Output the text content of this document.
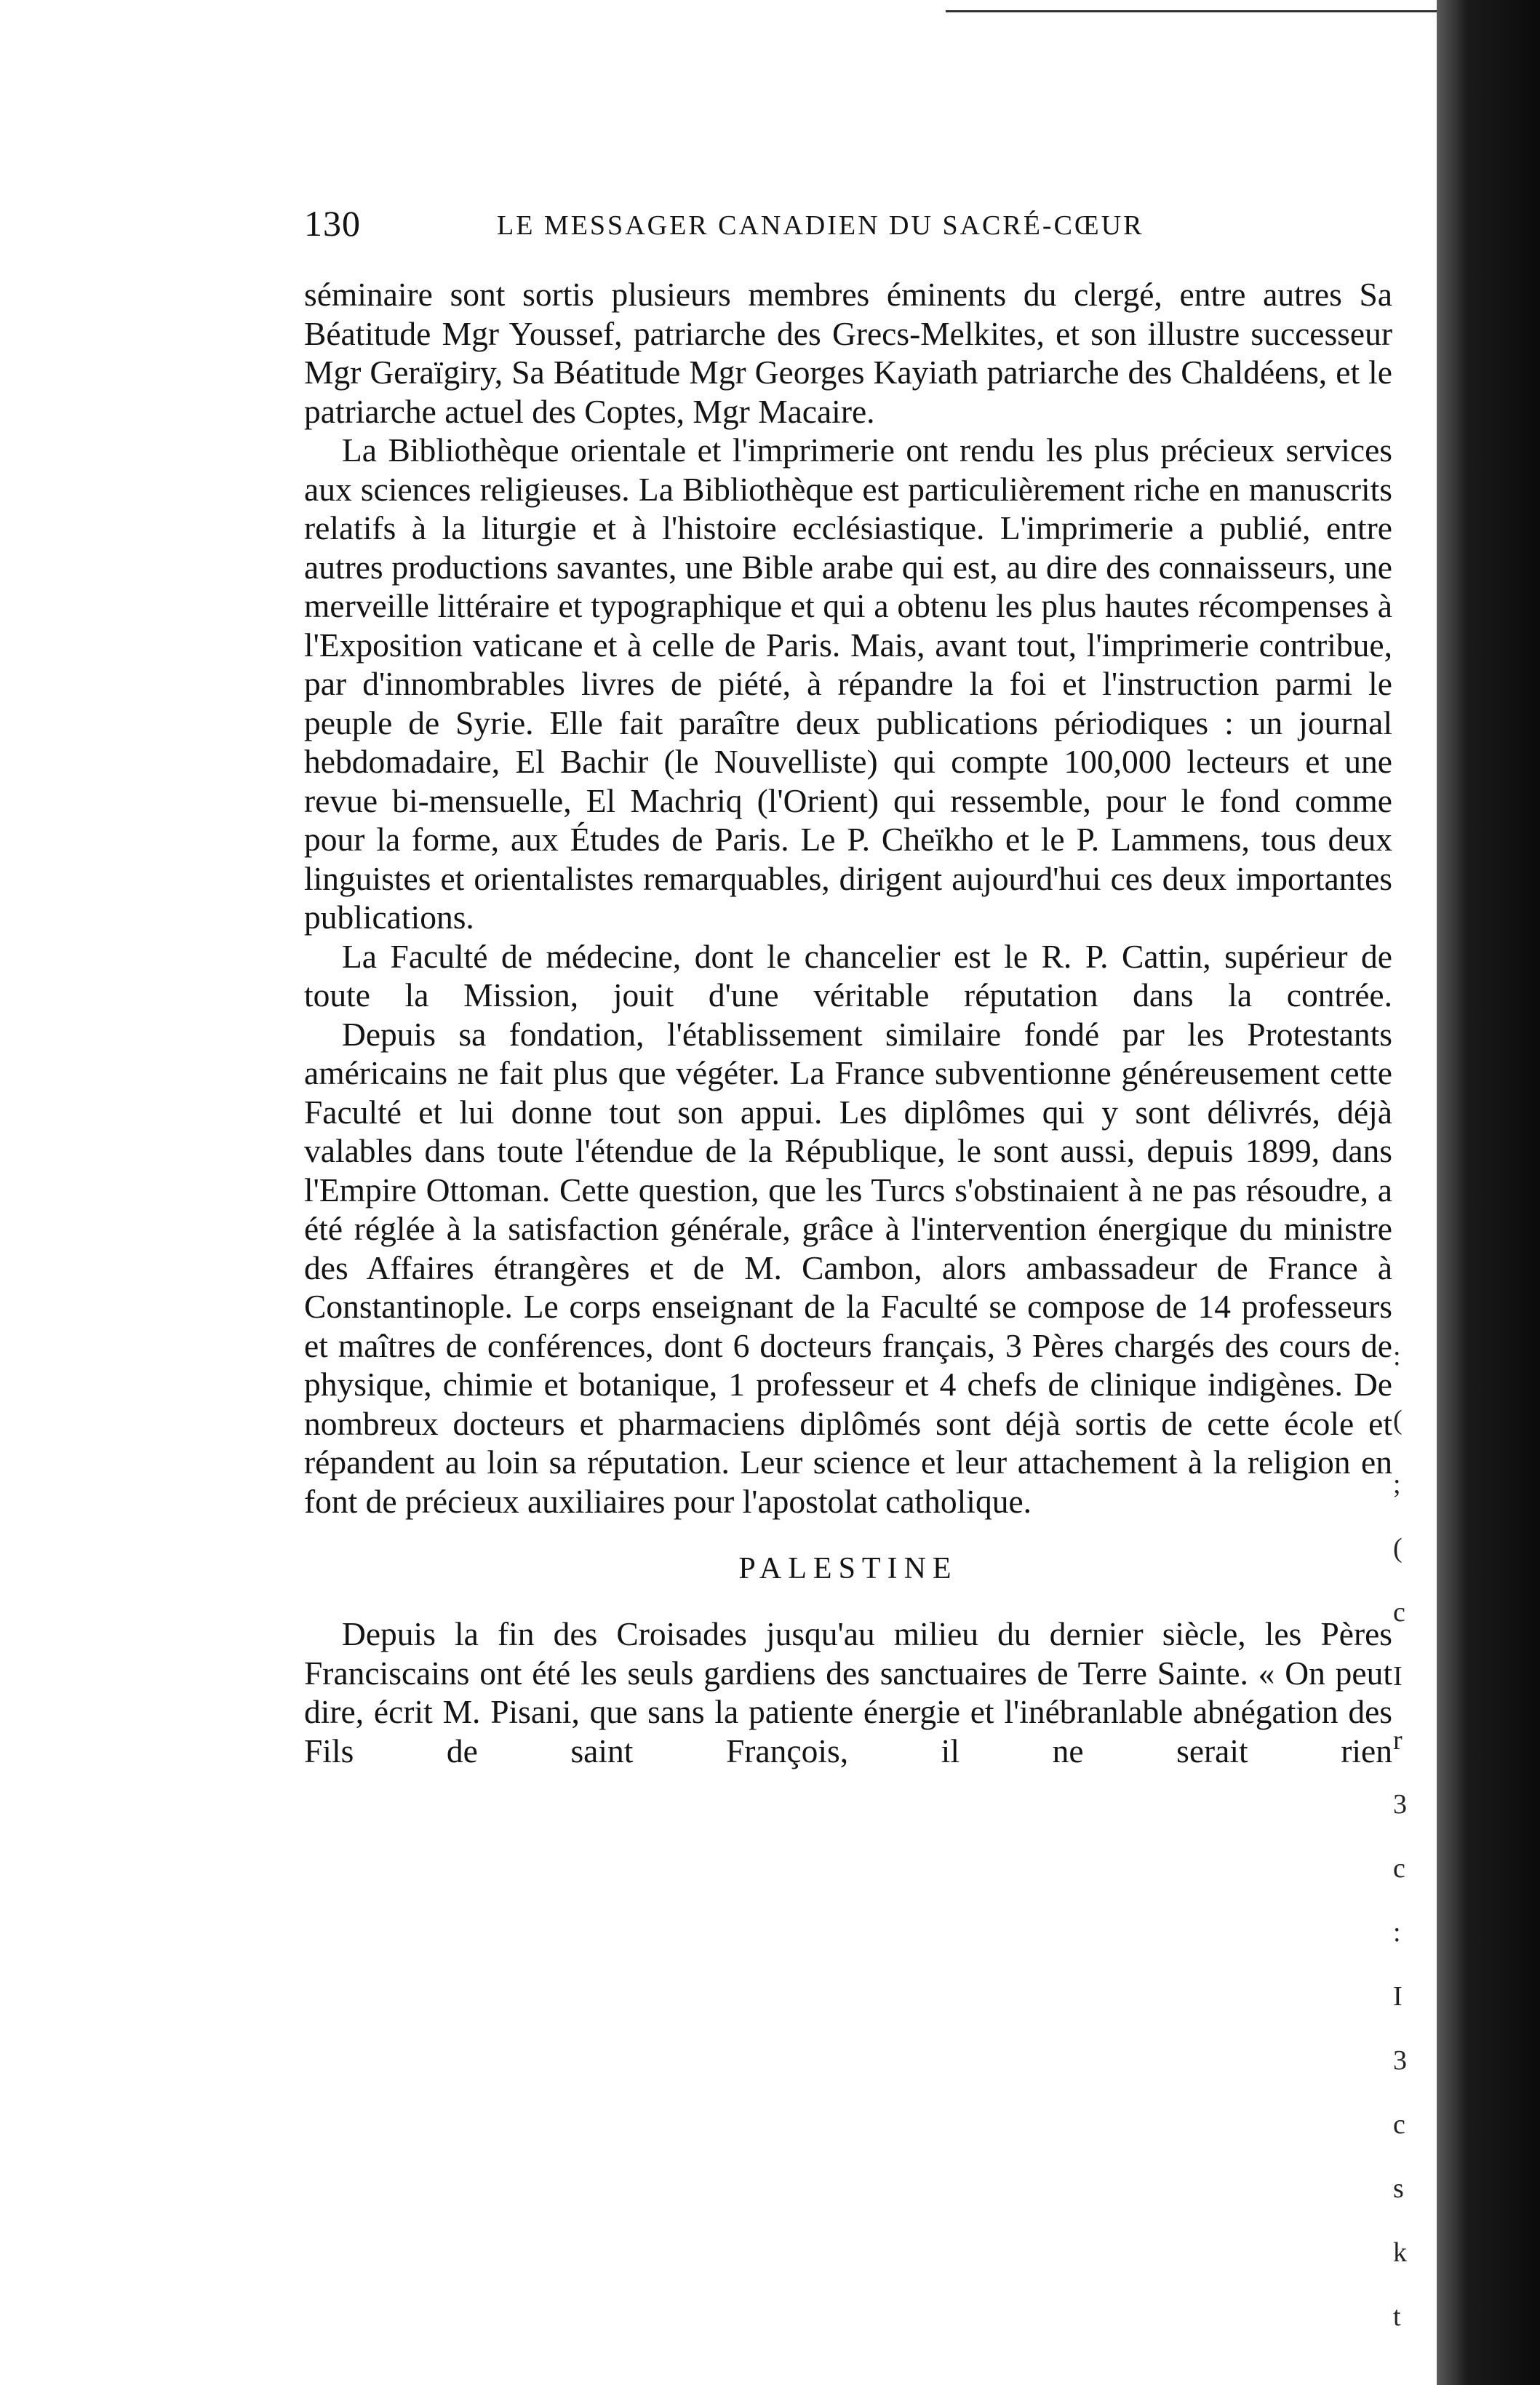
:
(
;
(
c
I
r
3
c
:
I
3
c
s
k
t
130	LE MESSAGER CANADIEN DU SACRÉ-CŒUR

séminaire sont sortis plusieurs membres éminents du clergé, entre autres Sa Béatitude Mgr Youssef, patriarche des Grecs-Melkites, et son illustre successeur Mgr Geraïgiry, Sa Béatitude Mgr Georges Kayiath patriarche des Chaldéens, et le patriarche actuel des Coptes, Mgr Macaire.

La Bibliothèque orientale et l'imprimerie ont rendu les plus précieux services aux sciences religieuses. La Bibliothèque est particulièrement riche en manuscrits relatifs à la liturgie et à l'histoire ecclésiastique. L'imprimerie a publié, entre autres productions savantes, une Bible arabe qui est, au dire des connaisseurs, une merveille littéraire et typographique et qui a obtenu les plus hautes récompenses à l'Exposition vaticane et à celle de Paris. Mais, avant tout, l'imprimerie contribue, par d'innombrables livres de piété, à répandre la foi et l'instruction parmi le peuple de Syrie. Elle fait paraître deux publications périodiques : un journal hebdomadaire, El Bachir (le Nouvelliste) qui compte 100,000 lecteurs et une revue bi-mensuelle, El Machriq (l'Orient) qui ressemble, pour le fond comme pour la forme, aux Études de Paris. Le P. Cheïkho et le P. Lammens, tous deux linguistes et orientalistes remarquables, dirigent aujourd'hui ces deux importantes publications.

La Faculté de médecine, dont le chancelier est le R. P. Cattin, supérieur de toute la Mission, jouit d'une véritable réputation dans la contrée.

Depuis sa fondation, l'établissement similaire fondé par les Protestants américains ne fait plus que végéter. La France subventionne généreusement cette Faculté et lui donne tout son appui. Les diplômes qui y sont délivrés, déjà valables dans toute l'étendue de la République, le sont aussi, depuis 1899, dans l'Empire Ottoman. Cette question, que les Turcs s'obstinaient à ne pas résoudre, a été réglée à la satisfaction générale, grâce à l'intervention énergique du ministre des Affaires étrangères et de M. Cambon, alors ambassadeur de France à Constantinople. Le corps enseignant de la Faculté se compose de 14 professeurs et maîtres de conférences, dont 6 docteurs français, 3 Pères chargés des cours de physique, chimie et botanique, 1 professeur et 4 chefs de clinique indigènes. De nombreux docteurs et pharmaciens diplômés sont déjà sortis de cette école et répandent au loin sa réputation. Leur science et leur attachement à la religion en font de précieux auxiliaires pour l'apostolat catholique.

PALESTINE

Depuis la fin des Croisades jusqu'au milieu du dernier siècle, les Pères Franciscains ont été les seuls gardiens des sanctuaires de Terre Sainte. « On peut dire, écrit M. Pisani, que sans la patiente énergie et l'inébranlable abnégation des Fils de saint François, il ne serait rien
